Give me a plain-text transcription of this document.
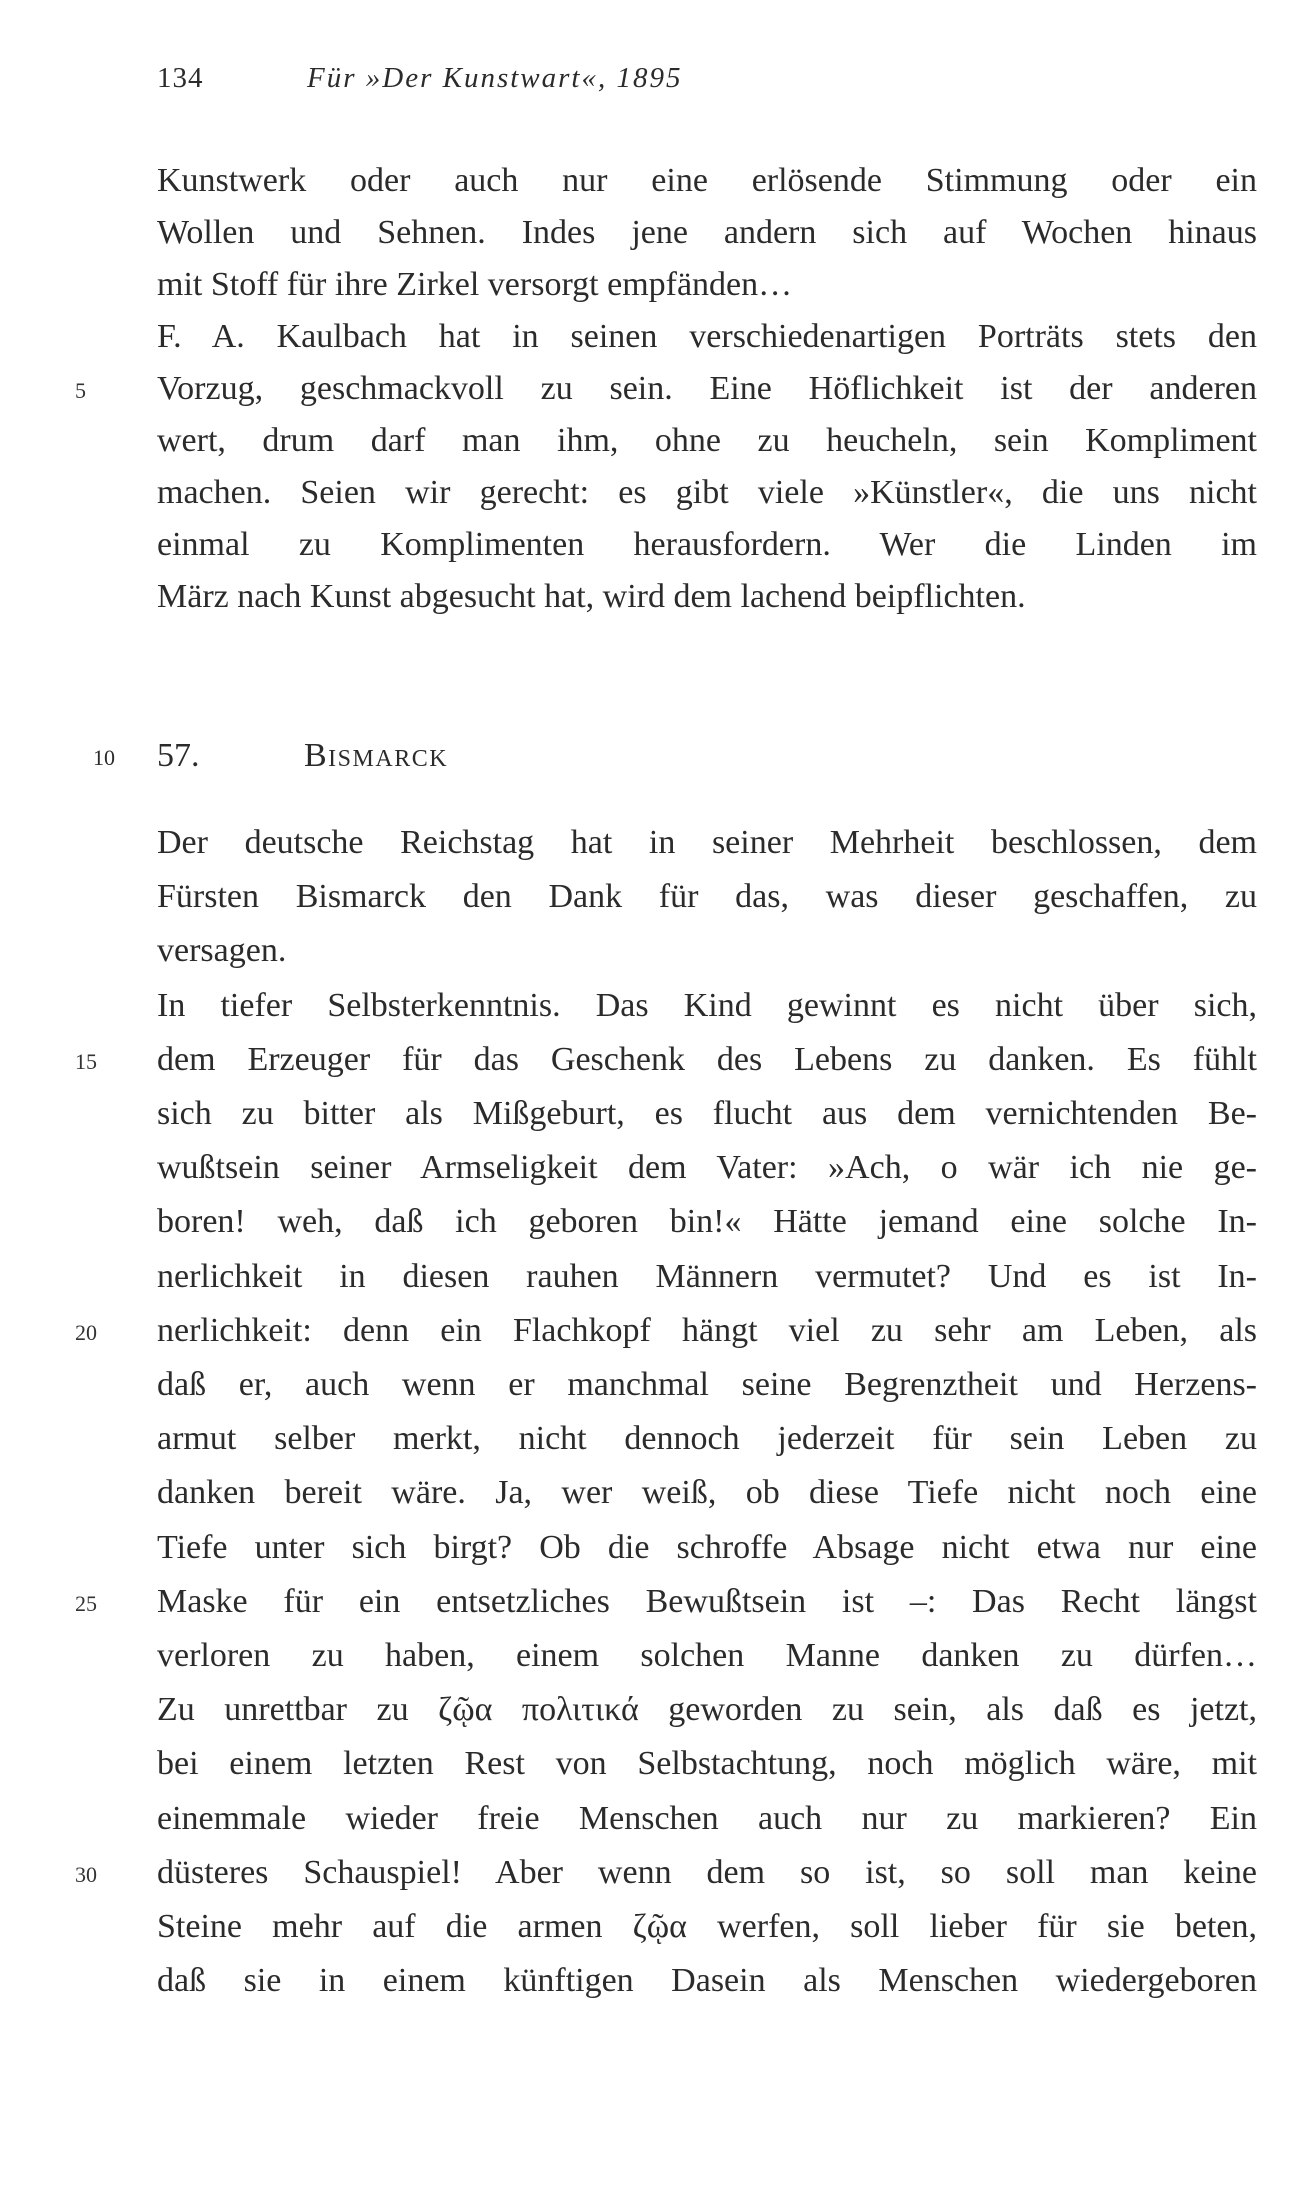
134	Für »Der Kunstwart«, 1895
Kunstwerk oder auch nur eine erlösende Stimmung oder ein
Wollen und Sehnen. Indes jene andern sich auf Wochen hinaus
mit Stoff für ihre Zirkel versorgt empfänden…
F. A. Kaulbach hat in seinen verschiedenartigen Porträts stets den
Vorzug, geschmackvoll zu sein. Eine Höflichkeit ist der anderen
5
wert, drum darf man ihm, ohne zu heucheln, sein Kompliment
machen. Seien wir gerecht: es gibt viele »Künstler«, die uns nicht
einmal zu Komplimenten herausfordern. Wer die Linden im
März nach Kunst abgesucht hat, wird dem lachend beipflichten.
10 57.	Bismarck
Der deutsche Reichstag hat in seiner Mehrheit beschlossen, dem
Fürsten Bismarck den Dank für das, was dieser geschaffen, zu
versagen.
In tiefer Selbsterkenntnis. Das Kind gewinnt es nicht über sich,
dem Erzeuger für das Geschenk des Lebens zu danken. Es fühlt
15
sich zu bitter als Mißgeburt, es flucht aus dem vernichtenden Be-
wußtsein seiner Armseligkeit dem Vater: »Ach, o wär ich nie ge-
boren! weh, daß ich geboren bin!« Hätte jemand eine solche In-
nerlichkeit in diesen rauhen Männern vermutet? Und es ist In-
nerlichkeit: denn ein Flachkopf hängt viel zu sehr am Leben, als
20
daß er, auch wenn er manchmal seine Begrenztheit und Herzens-
armut selber merkt, nicht dennoch jederzeit für sein Leben zu
danken bereit wäre. Ja, wer weiß, ob diese Tiefe nicht noch eine
Tiefe unter sich birgt? Ob die schroffe Absage nicht etwa nur eine
Maske für ein entsetzliches Bewußtsein ist –: Das Recht längst
25
verloren zu haben, einem solchen Manne danken zu dürfen…
Zu unrettbar zu ζῷα πολιτικά geworden zu sein, als daß es jetzt,
bei einem letzten Rest von Selbstachtung, noch möglich wäre, mit
einemmale wieder freie Menschen auch nur zu markieren? Ein
düsteres Schauspiel! Aber wenn dem so ist, so soll man keine
30
Steine mehr auf die armen ζῷα werfen, soll lieber für sie beten,
daß sie in einem künftigen Dasein als Menschen wiedergeboren
